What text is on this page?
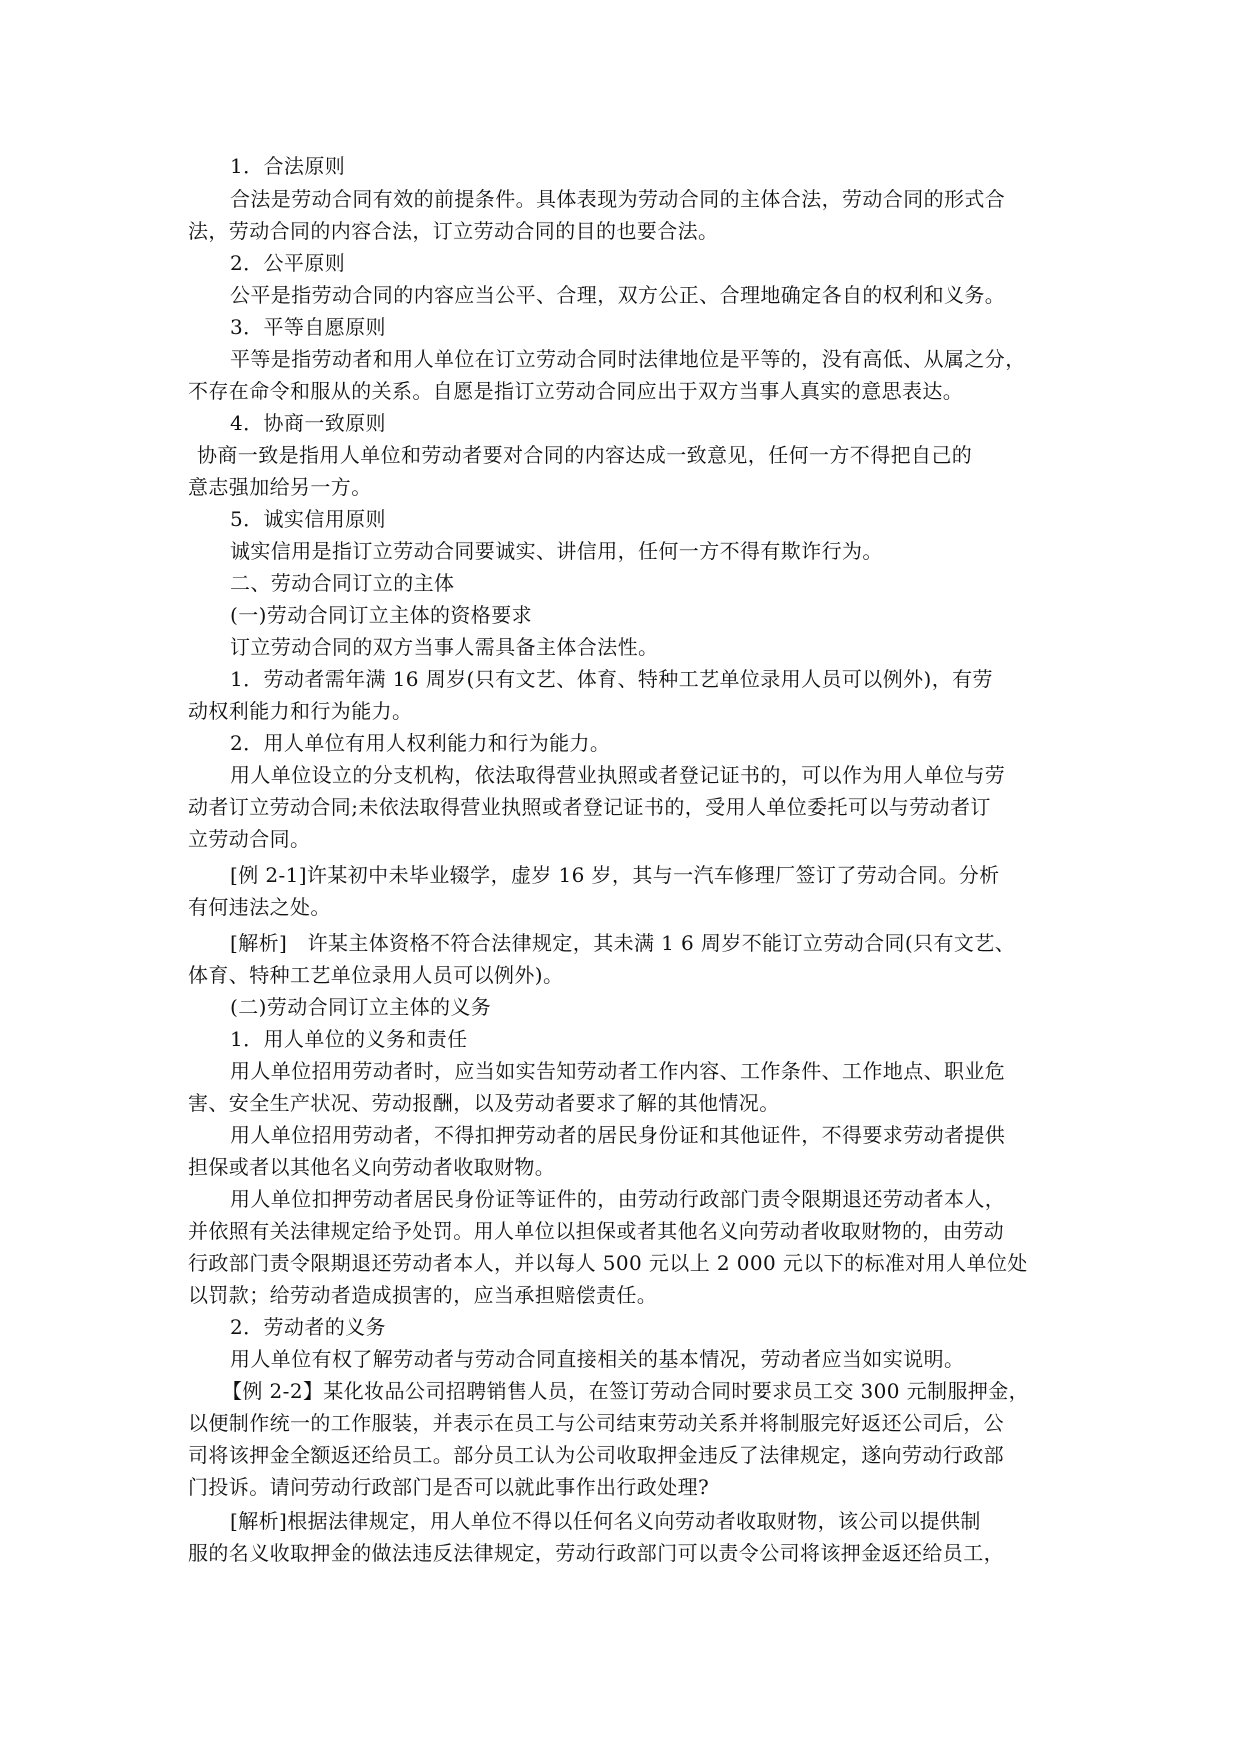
1．合法原则
合法是劳动合同有效的前提条件。具体表现为劳动合同的主体合法，劳动合同的形式合
法，劳动合同的内容合法，订立劳动合同的目的也要合法。
2．公平原则
公平是指劳动合同的内容应当公平、合理，双方公正、合理地确定各自的权利和义务。
3．平等自愿原则
平等是指劳动者和用人单位在订立劳动合同时法律地位是平等的，没有高低、从属之分，
不存在命令和服从的关系。自愿是指订立劳动合同应出于双方当事人真实的意思表达。
4．协商一致原则
协商一致是指用人单位和劳动者要对合同的内容达成一致意见，任何一方不得把自己的
意志强加给另一方。
5．诚实信用原则
诚实信用是指订立劳动合同要诚实、讲信用，任何一方不得有欺诈行为。
二、劳动合同订立的主体
(一)劳动合同订立主体的资格要求
订立劳动合同的双方当事人需具备主体合法性。
1．劳动者需年满 16 周岁(只有文艺、体育、特种工艺单位录用人员可以例外)，有劳
动权利能力和行为能力。
2．用人单位有用人权利能力和行为能力。
用人单位设立的分支机构，依法取得营业执照或者登记证书的，可以作为用人单位与劳
动者订立劳动合同;未依法取得营业执照或者登记证书的，受用人单位委托可以与劳动者订
立劳动合同。
[例 2-1]许某初中未毕业辍学，虚岁 16 岁，其与一汽车修理厂签订了劳动合同。分析
有何违法之处。
[解析]　许某主体资格不符合法律规定，其未满 1 6 周岁不能订立劳动合同(只有文艺、
体育、特种工艺单位录用人员可以例外)。
(二)劳动合同订立主体的义务
1．用人单位的义务和责任
用人单位招用劳动者时，应当如实告知劳动者工作内容、工作条件、工作地点、职业危
害、安全生产状况、劳动报酬，以及劳动者要求了解的其他情况。
用人单位招用劳动者，不得扣押劳动者的居民身份证和其他证件，不得要求劳动者提供
担保或者以其他名义向劳动者收取财物。
用人单位扣押劳动者居民身份证等证件的，由劳动行政部门责令限期退还劳动者本人，
并依照有关法律规定给予处罚。用人单位以担保或者其他名义向劳动者收取财物的，由劳动
行政部门责令限期退还劳动者本人，并以每人 500 元以上 2 000 元以下的标准对用人单位处
以罚款；给劳动者造成损害的，应当承担赔偿责任。
2．劳动者的义务
用人单位有权了解劳动者与劳动合同直接相关的基本情况，劳动者应当如实说明。
【例 2-2】某化妆品公司招聘销售人员，在签订劳动合同时要求员工交 300 元制服押金，
以便制作统一的工作服装，并表示在员工与公司结束劳动关系并将制服完好返还公司后，公
司将该押金全额返还给员工。部分员工认为公司收取押金违反了法律规定，遂向劳动行政部
门投诉。请问劳动行政部门是否可以就此事作出行政处理?
[解析]根据法律规定，用人单位不得以任何名义向劳动者收取财物，该公司以提供制
服的名义收取押金的做法违反法律规定，劳动行政部门可以责令公司将该押金返还给员工，
